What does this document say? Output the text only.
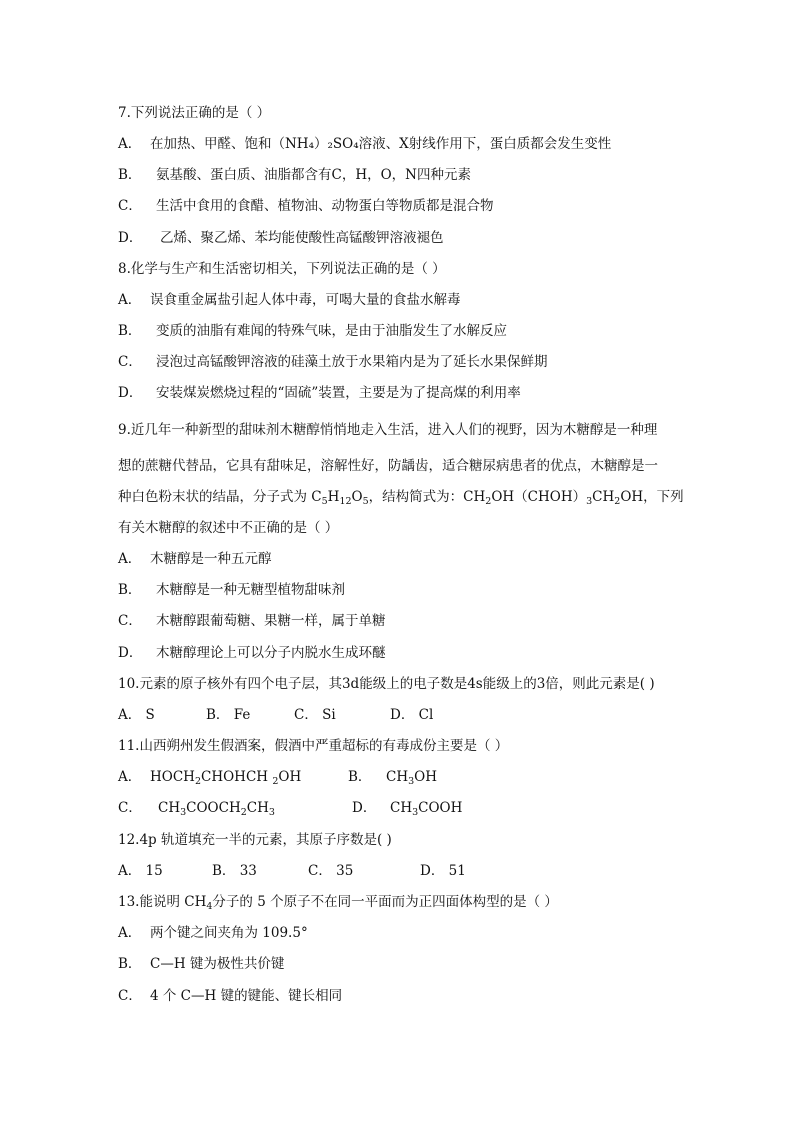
7.下列说法正确的是（ ）
A． 在加热、甲醛、饱和（NH₄）₂SO₄溶液、X射线作用下，蛋白质都会发生变性
B． 氨基酸、蛋白质、油脂都含有C，H，O，N四种元素
C． 生活中食用的食醋、植物油、动物蛋白等物质都是混合物
D． 乙烯、聚乙烯、苯均能使酸性高锰酸钾溶液褪色
8.化学与生产和生活密切相关，下列说法正确的是（ ）
A． 误食重金属盐引起人体中毒，可喝大量的食盐水解毒
B． 变质的油脂有难闻的特殊气味，是由于油脂发生了水解反应
C． 浸泡过高锰酸钾溶液的硅藻土放于水果箱内是为了延长水果保鲜期
D． 安装煤炭燃烧过程的“固硫”装置，主要是为了提高煤的利用率
9.近几年一种新型的甜味剂木糖醇悄悄地走入生活，进入人们的视野，因为木糖醇是一种理
想的蔗糖代替品，它具有甜味足，溶解性好，防龋齿，适合糖尿病患者的优点，木糖醇是一
种白色粉末状的结晶，分子式为 $C_5H_{12}O_5$，结构简式为：$CH_2OH(CHOH)_3CH_2OH$，下列
有关木糖醇的叙述中不正确的是（ ）
A． 木糖醇是一种五元醇
B． 木糖醇是一种无糖型植物甜味剂
C． 木糖醇跟葡萄糖、果糖一样，属于单糖
D． 木糖醇理论上可以分子内脱水生成环醚
10.元素的原子核外有四个电子层，其3d能级上的电子数是4s能级上的3倍，则此元素是( )
A． S	B． Fe	C． Si	D． Cl
11.山西朔州发生假酒案，假酒中严重超标的有毒成份主要是（ ）
A． $HOCH_2CHOHCH$ $_2$OH	B． $CH_3OH$
C． $CH_3COOCH_2CH_3$	D． $CH_3COOH$
12.4p 轨道填充一半的元素，其原子序数是( )
A． 15	B． 33	C． 35	D． 51
13.能说明 $CH_4$分子的 5 个原子不在同一平面而为正四面体构型的是（ ）
A． 两个键之间夹角为 109.5°
B． C—H 键为极性共价键
C． 4 个 C—H 键的键能、键长相同
